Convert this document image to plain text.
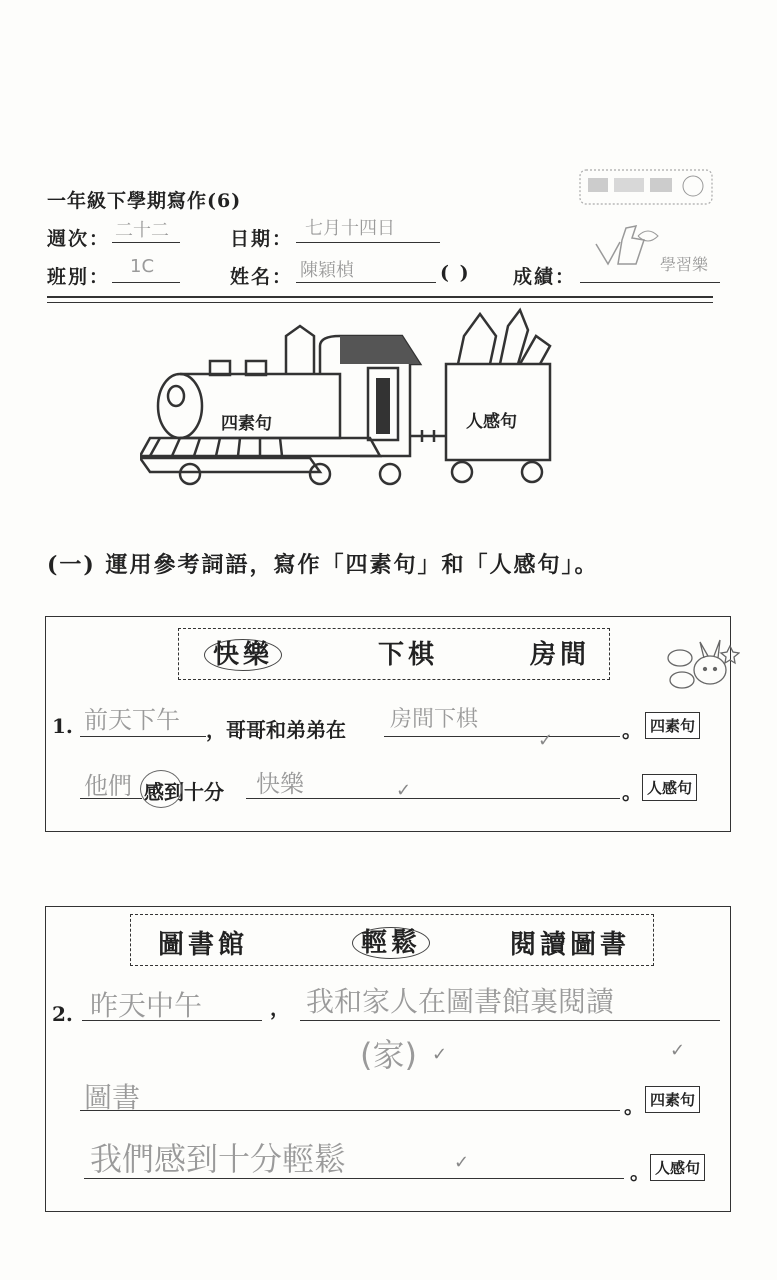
一年級下學期寫作(6)
週次： 二十二	日期： 七月十四日
班別： 1C	姓名： 陳穎楨	( ) 成績：
學習樂
四素句	人感句
(一) 運用參考詞語，寫作「四素句」和「人感句」。
快樂	下棋	房間
1. 前天下午 ，哥哥和弟弟在 房間下棋
✓	。 四素句
他們 感到十分 快樂	✓	。 人感句
圖書館	輕鬆	閱讀圖書
2. 昨天中午	， 我和家人在圖書館裏閱讀
(家) ✓	✓
圖書	。 四素句
我們感到十分輕鬆	✓	。 人感句
